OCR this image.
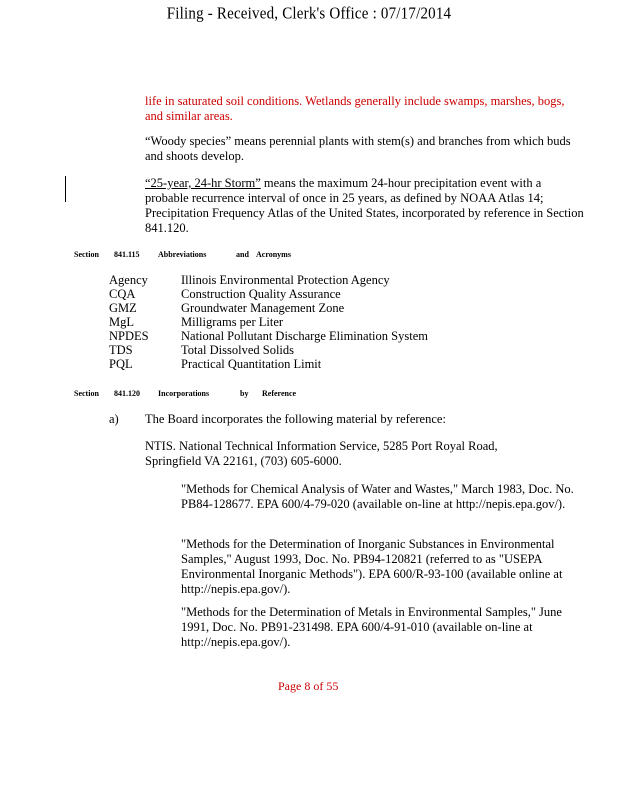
Filing - Received, Clerk's Office : 07/17/2014
life in saturated soil conditions. Wetlands generally include swamps, marshes, bogs, and similar areas.
“Woody species” means perennial plants with stem(s) and branches from which buds and shoots develop.
“25-year, 24-hr Storm” means the maximum 24-hour precipitation event with a probable recurrence interval of once in 25 years, as defined by NOAA Atlas 14; Precipitation Frequency Atlas of the United States, incorporated by reference in Section 841.120.
Section 841.115 Abbreviations	and Acronyms
Agency	Illinois Environmental Protection Agency
CQA	Construction Quality Assurance
GMZ	Groundwater Management Zone
MgL	Milligrams per Liter
NPDES	National Pollutant Discharge Elimination System
TDS	Total Dissolved Solids
PQL	Practical Quantitation Limit
Section 841.120 Incorporations	by Reference
a) The Board incorporates the following material by reference:
NTIS. National Technical Information Service, 5285 Port Royal Road, Springfield VA 22161, (703) 605-6000.
"Methods for Chemical Analysis of Water and Wastes," March 1983, Doc. No. PB84-128677. EPA 600/4-79-020 (available on-line at http://nepis.epa.gov/).
"Methods for the Determination of Inorganic Substances in Environmental Samples," August 1993, Doc. No. PB94-120821 (referred to as "USEPA Environmental Inorganic Methods"). EPA 600/R-93-100 (available online at http://nepis.epa.gov/).
"Methods for the Determination of Metals in Environmental Samples," June 1991, Doc. No. PB91-231498. EPA 600/4-91-010 (available on-line at http://nepis.epa.gov/).
Page 8 of 55
